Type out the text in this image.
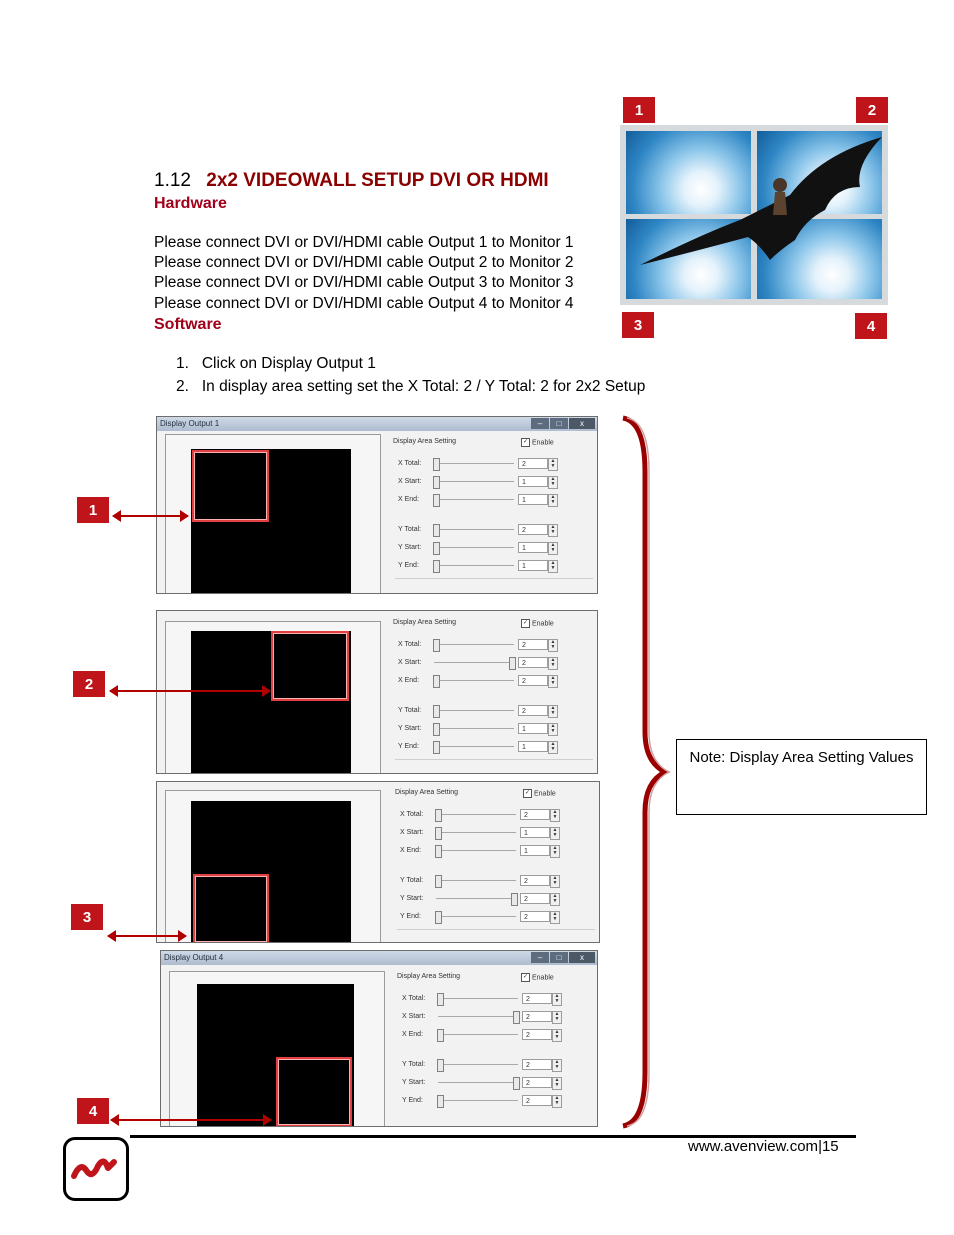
1.12 2x2 VIDEOWALL SETUP DVI OR HDMI
Hardware
Please connect DVI or DVI/HDMI cable Output 1 to Monitor 1
Please connect DVI or DVI/HDMI cable Output 2 to Monitor 2
Please connect DVI or DVI/HDMI cable Output 3 to Monitor 3
Please connect DVI or DVI/HDMI cable Output 4 to Monitor 4
Software
1. Click on Display Output 1
2. In display area setting set the X Total: 2 / Y Total: 2 for 2x2 Setup
1	2
3	4
Display Output 1	–	□	x
Display Area Setting	✓ Enable
X Total:	2	▲
▼
X Start:	1	▲
▼
X End:	1	▲
▼
Y Total:	2	▲
▼
Y Start:	1	▲
▼
Y End:	1	▲
▼
Display Area Setting	✓ Enable
X Total:	2	▲
▼
X Start:	2	▲
▼
X End:	2	▲
▼
Y Total:	2	▲
▼
Y Start:	1	▲
▼
Y End:	1	▲
▼
Display Area Setting	✓ Enable
X Total:	2	▲
▼
X Start:	1	▲
▼
X End:	1	▲
▼
Y Total:	2	▲
▼
Y Start:	2	▲
▼
Y End:	2	▲
▼
Display Output 4	–	□	x
Display Area Setting	✓ Enable
X Total:	2	▲
▼
X Start:	2	▲
▼
X End:	2	▲
▼
Y Total:	2	▲
▼
Y Start:	2	▲
▼
Y End:	2	▲
▼
1
2
3
4
Note: Display Area Setting Values
www.avenview.com|15
